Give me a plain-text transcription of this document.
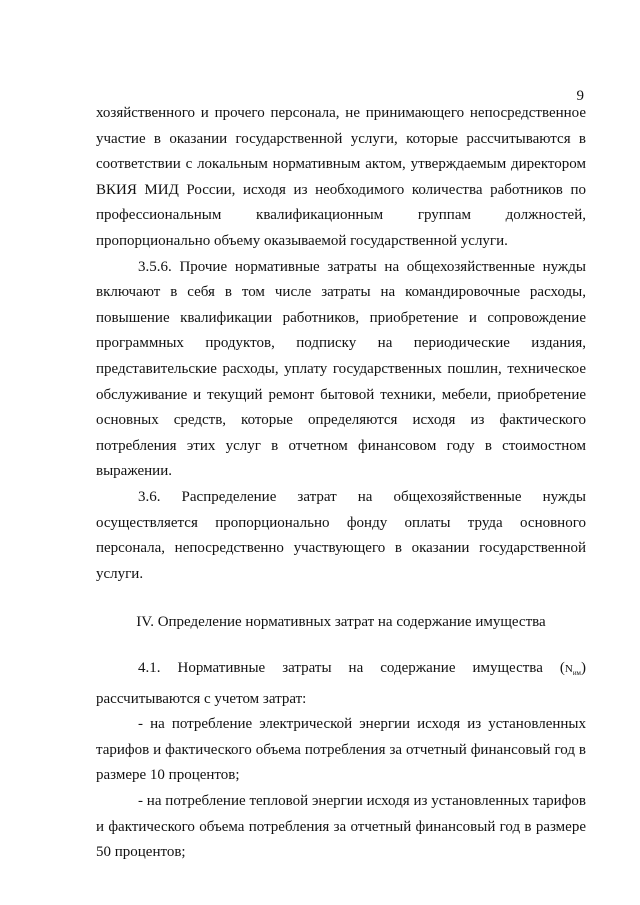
9

хозяйственного и прочего персонала, не принимающего непосредственное участие в оказании государственной услуги, которые рассчитываются в соответствии с локальным нормативным актом, утверждаемым директором ВКИЯ МИД России, исходя из необходимого количества работников по профессиональным квалификационным группам должностей, пропорционально объему оказываемой государственной услуги.

3.5.6. Прочие нормативные затраты на общехозяйственные нужды включают в себя в том числе затраты на командировочные расходы, повышение квалификации работников, приобретение и сопровождение программных продуктов, подписку на периодические издания, представительские расходы, уплату государственных пошлин, техническое обслуживание и текущий ремонт бытовой техники, мебели, приобретение основных средств, которые определяются исходя из фактического потребления этих услуг в отчетном финансовом году в стоимостном выражении.

3.6. Распределение затрат на общехозяйственные нужды осуществляется пропорционально фонду оплаты труда основного персонала, непосредственно участвующего в оказании государственной услуги.

IV. Определение нормативных затрат на содержание имущества

4.1. Нормативные затраты на содержание имущества $(N_{им})$ рассчитываются с учетом затрат:

- на потребление электрической энергии исходя из установленных тарифов и фактического объема потребления за отчетный финансовый год в размере 10 процентов;

- на потребление тепловой энергии исходя из установленных тарифов и фактического объема потребления за отчетный финансовый год в размере 50 процентов;
